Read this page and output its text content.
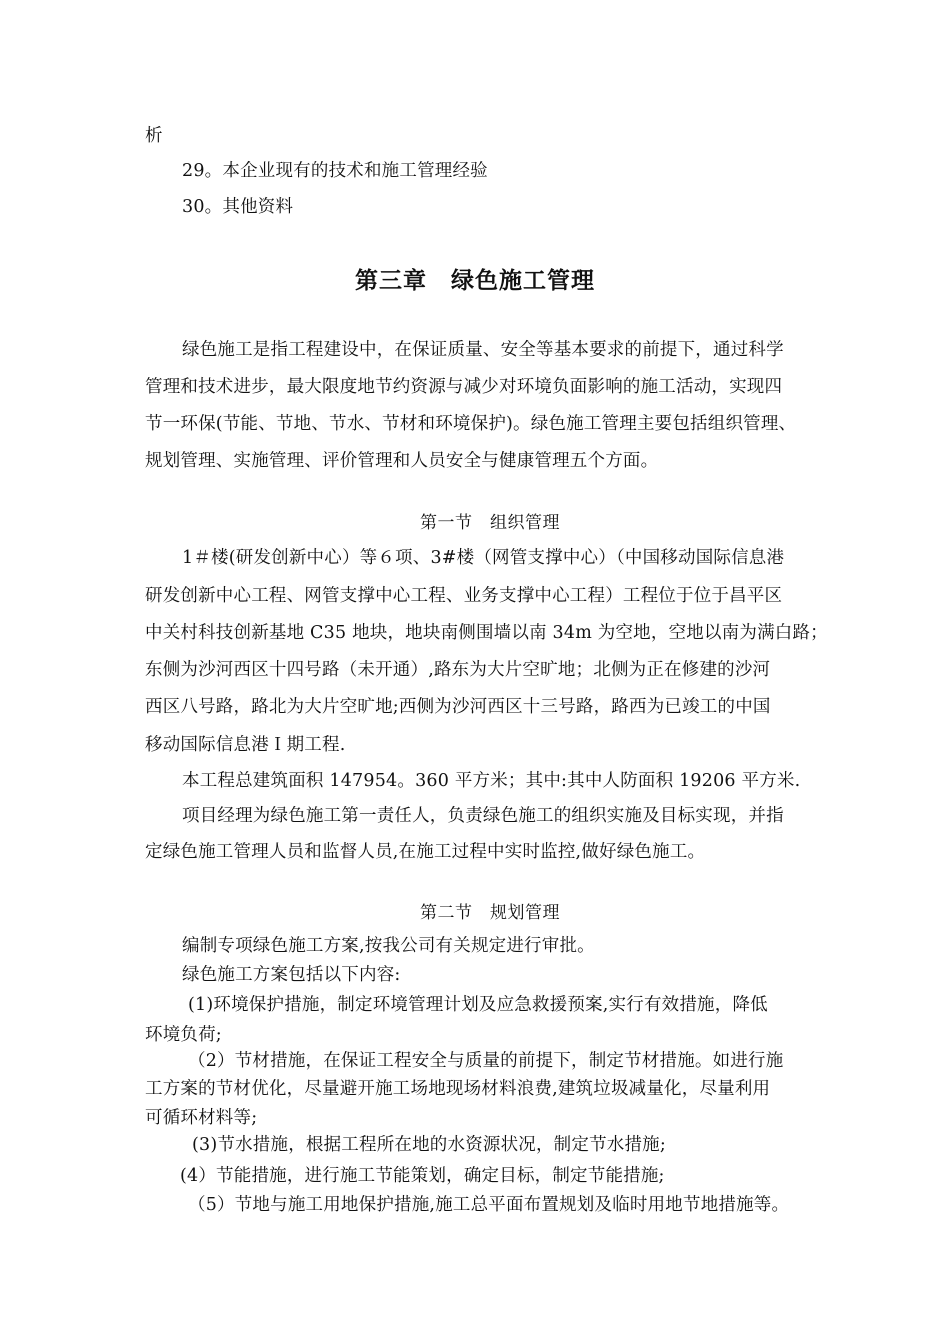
析
29。本企业现有的技术和施工管理经验
30。其他资料
第三章　绿色施工管理
绿色施工是指工程建设中，在保证质量、安全等基本要求的前提下，通过科学
管理和技术进步，最大限度地节约资源与减少对环境负面影响的施工活动，实现四
节一环保(节能、节地、节水、节材和环境保护)。绿色施工管理主要包括组织管理、
规划管理、实施管理、评价管理和人员安全与健康管理五个方面。
第一节　组织管理
1＃楼(研发创新中心）等６项、3#楼（网管支撑中心）（中国移动国际信息港
研发创新中心工程、网管支撑中心工程、业务支撑中心工程）工程位于位于昌平区
中关村科技创新基地 C35 地块，地块南侧围墙以南 34m 为空地，空地以南为满白路；
东侧为沙河西区十四号路（未开通）,路东为大片空旷地；北侧为正在修建的沙河
西区八号路，路北为大片空旷地;西侧为沙河西区十三号路，路西为已竣工的中国
移动国际信息港Ｉ期工程.
本工程总建筑面积 147954。360 平方米；其中:其中人防面积 19206 平方米.
项目经理为绿色施工第一责任人，负责绿色施工的组织实施及目标实现，并指
定绿色施工管理人员和监督人员,在施工过程中实时监控,做好绿色施工。
第二节　规划管理
编制专项绿色施工方案,按我公司有关规定进行审批。
绿色施工方案包括以下内容:
(1)环境保护措施，制定环境管理计划及应急救援预案,实行有效措施，降低
环境负荷;
（2）节材措施，在保证工程安全与质量的前提下，制定节材措施。如进行施
工方案的节材优化，尽量避开施工场地现场材料浪费,建筑垃圾减量化，尽量利用
可循环材料等;
(3)节水措施，根据工程所在地的水资源状况，制定节水措施;
(4）节能措施，进行施工节能策划，确定目标，制定节能措施;
（5）节地与施工用地保护措施,施工总平面布置规划及临时用地节地措施等。
